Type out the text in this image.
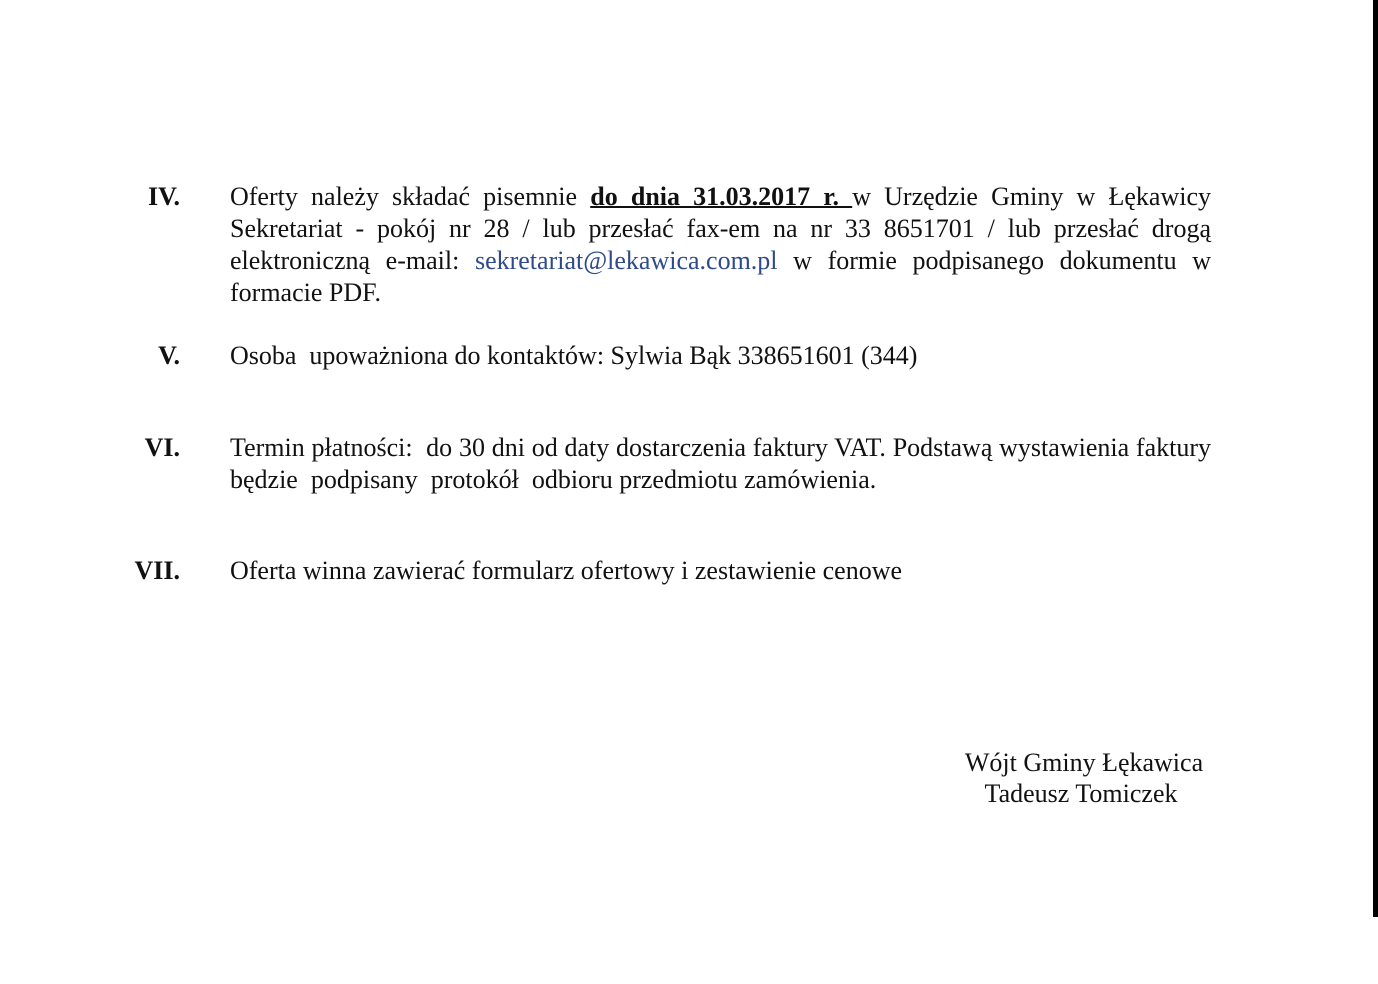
IV. Oferty należy składać pisemnie do dnia 31.03.2017 r. w Urzędzie Gminy w Łękawicy Sekretariat - pokój nr 28 / lub przesłać fax-em na nr 33 8651701 / lub przesłać drogą elektroniczną e-mail: sekretariat@lekawica.com.pl w formie podpisanego dokumentu w formacie PDF.
V. Osoba  upoważniona do kontaktów: Sylwia Bąk 338651601 (344)
VI. Termin płatności:  do 30 dni od daty dostarczenia faktury VAT. Podstawą wystawienia faktury będzie  podpisany  protokół  odbioru przedmiotu zamówienia.
VII. Oferta winna zawierać formularz ofertowy i zestawienie cenowe
Wójt Gminy Łękawica
Tadeusz Tomiczek
